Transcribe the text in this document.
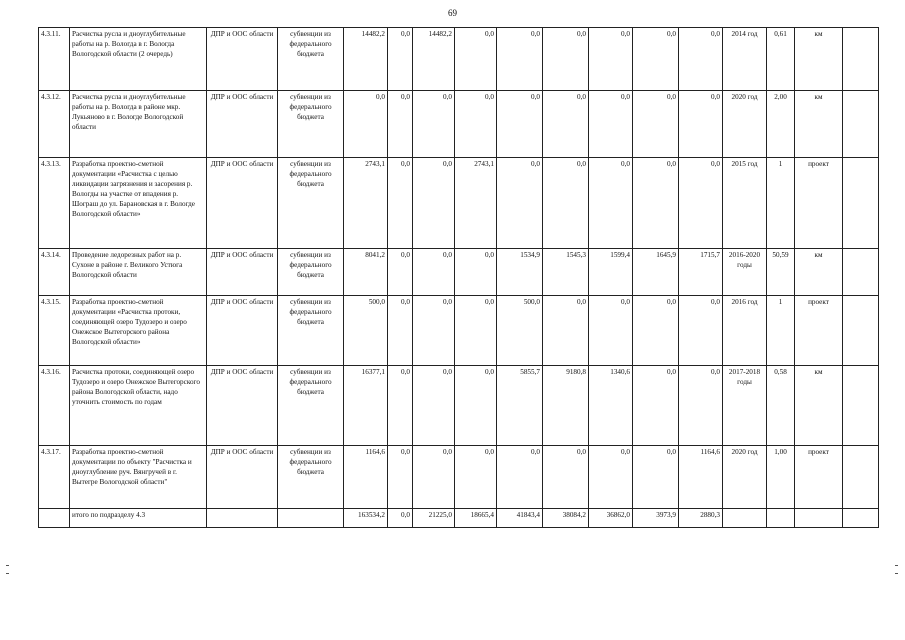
69
4.3.11.	Расчистка русла и дноуглубительные работы на р. Вологда в г. Вологда Вологодской области (2 очередь)	ДПР и ООС области	субвенции из федерального бюджета	14482,2	0,0	14482,2	0,0	0,0	0,0	0,0	0,0	0,0	2014 год	0,61	км	
4.3.12.	Расчистка русла и дноуглубительные работы на р. Вологда в районе мкр. Лукьяново в г. Вологде Вологодской области	ДПР и ООС области	субвенции из федерального бюджета	0,0	0,0	0,0	0,0	0,0	0,0	0,0	0,0	0,0	2020 год	2,00	км	
4.3.13.	Разработка проектно-сметной документации «Расчистка с целью ликвидации загрязнения и засорения р. Вологды на участке от впадения р. Шограш до ул. Барановская в г. Вологде Вологодской области»	ДПР и ООС области	субвенции из федерального бюджета	2743,1	0,0	0,0	2743,1	0,0	0,0	0,0	0,0	0,0	2015 год	1	проект	
4.3.14.	Проведение ледорезных работ на р. Сухоне в районе г. Великого Устюга Вологодской области	ДПР и ООС области	субвенции из федерального бюджета	8041,2	0,0	0,0	0,0	1534,9	1545,3	1599,4	1645,9	1715,7	2016-2020 годы	50,59	км	
4.3.15.	Разработка проектно-сметной документации «Расчистка протоки, соединяющей озеро Тудозеро и озеро Онежское Вытегорского района Вологодской области»	ДПР и ООС области	субвенции из федерального бюджета	500,0	0,0	0,0	0,0	500,0	0,0	0,0	0,0	0,0	2016 год	1	проект	
4.3.16.	Расчистка протоки, соединяющей озеро Тудозеро и озеро Онежское Вытегорского района Вологодской области, надо уточнить стоимость по годам	ДПР и ООС области	субвенции из федерального бюджета	16377,1	0,0	0,0	0,0	5855,7	9180,8	1340,6	0,0	0,0	2017-2018 годы	0,58	км	
4.3.17.	Разработка проектно-сметной документации по объекту "Расчистка и дноуглубление руч. Вянгручей в г. Вытегре Вологодской области"	ДПР и ООС области	субвенции из федерального бюджета	1164,6	0,0	0,0	0,0	0,0	0,0	0,0	0,0	1164,6	2020 год	1,00	проект	
	итого по подразделу 4.3			163534,2	0,0	21225,0	18665,4	41843,4	38084,2	36862,0	3973,9	2880,3				
